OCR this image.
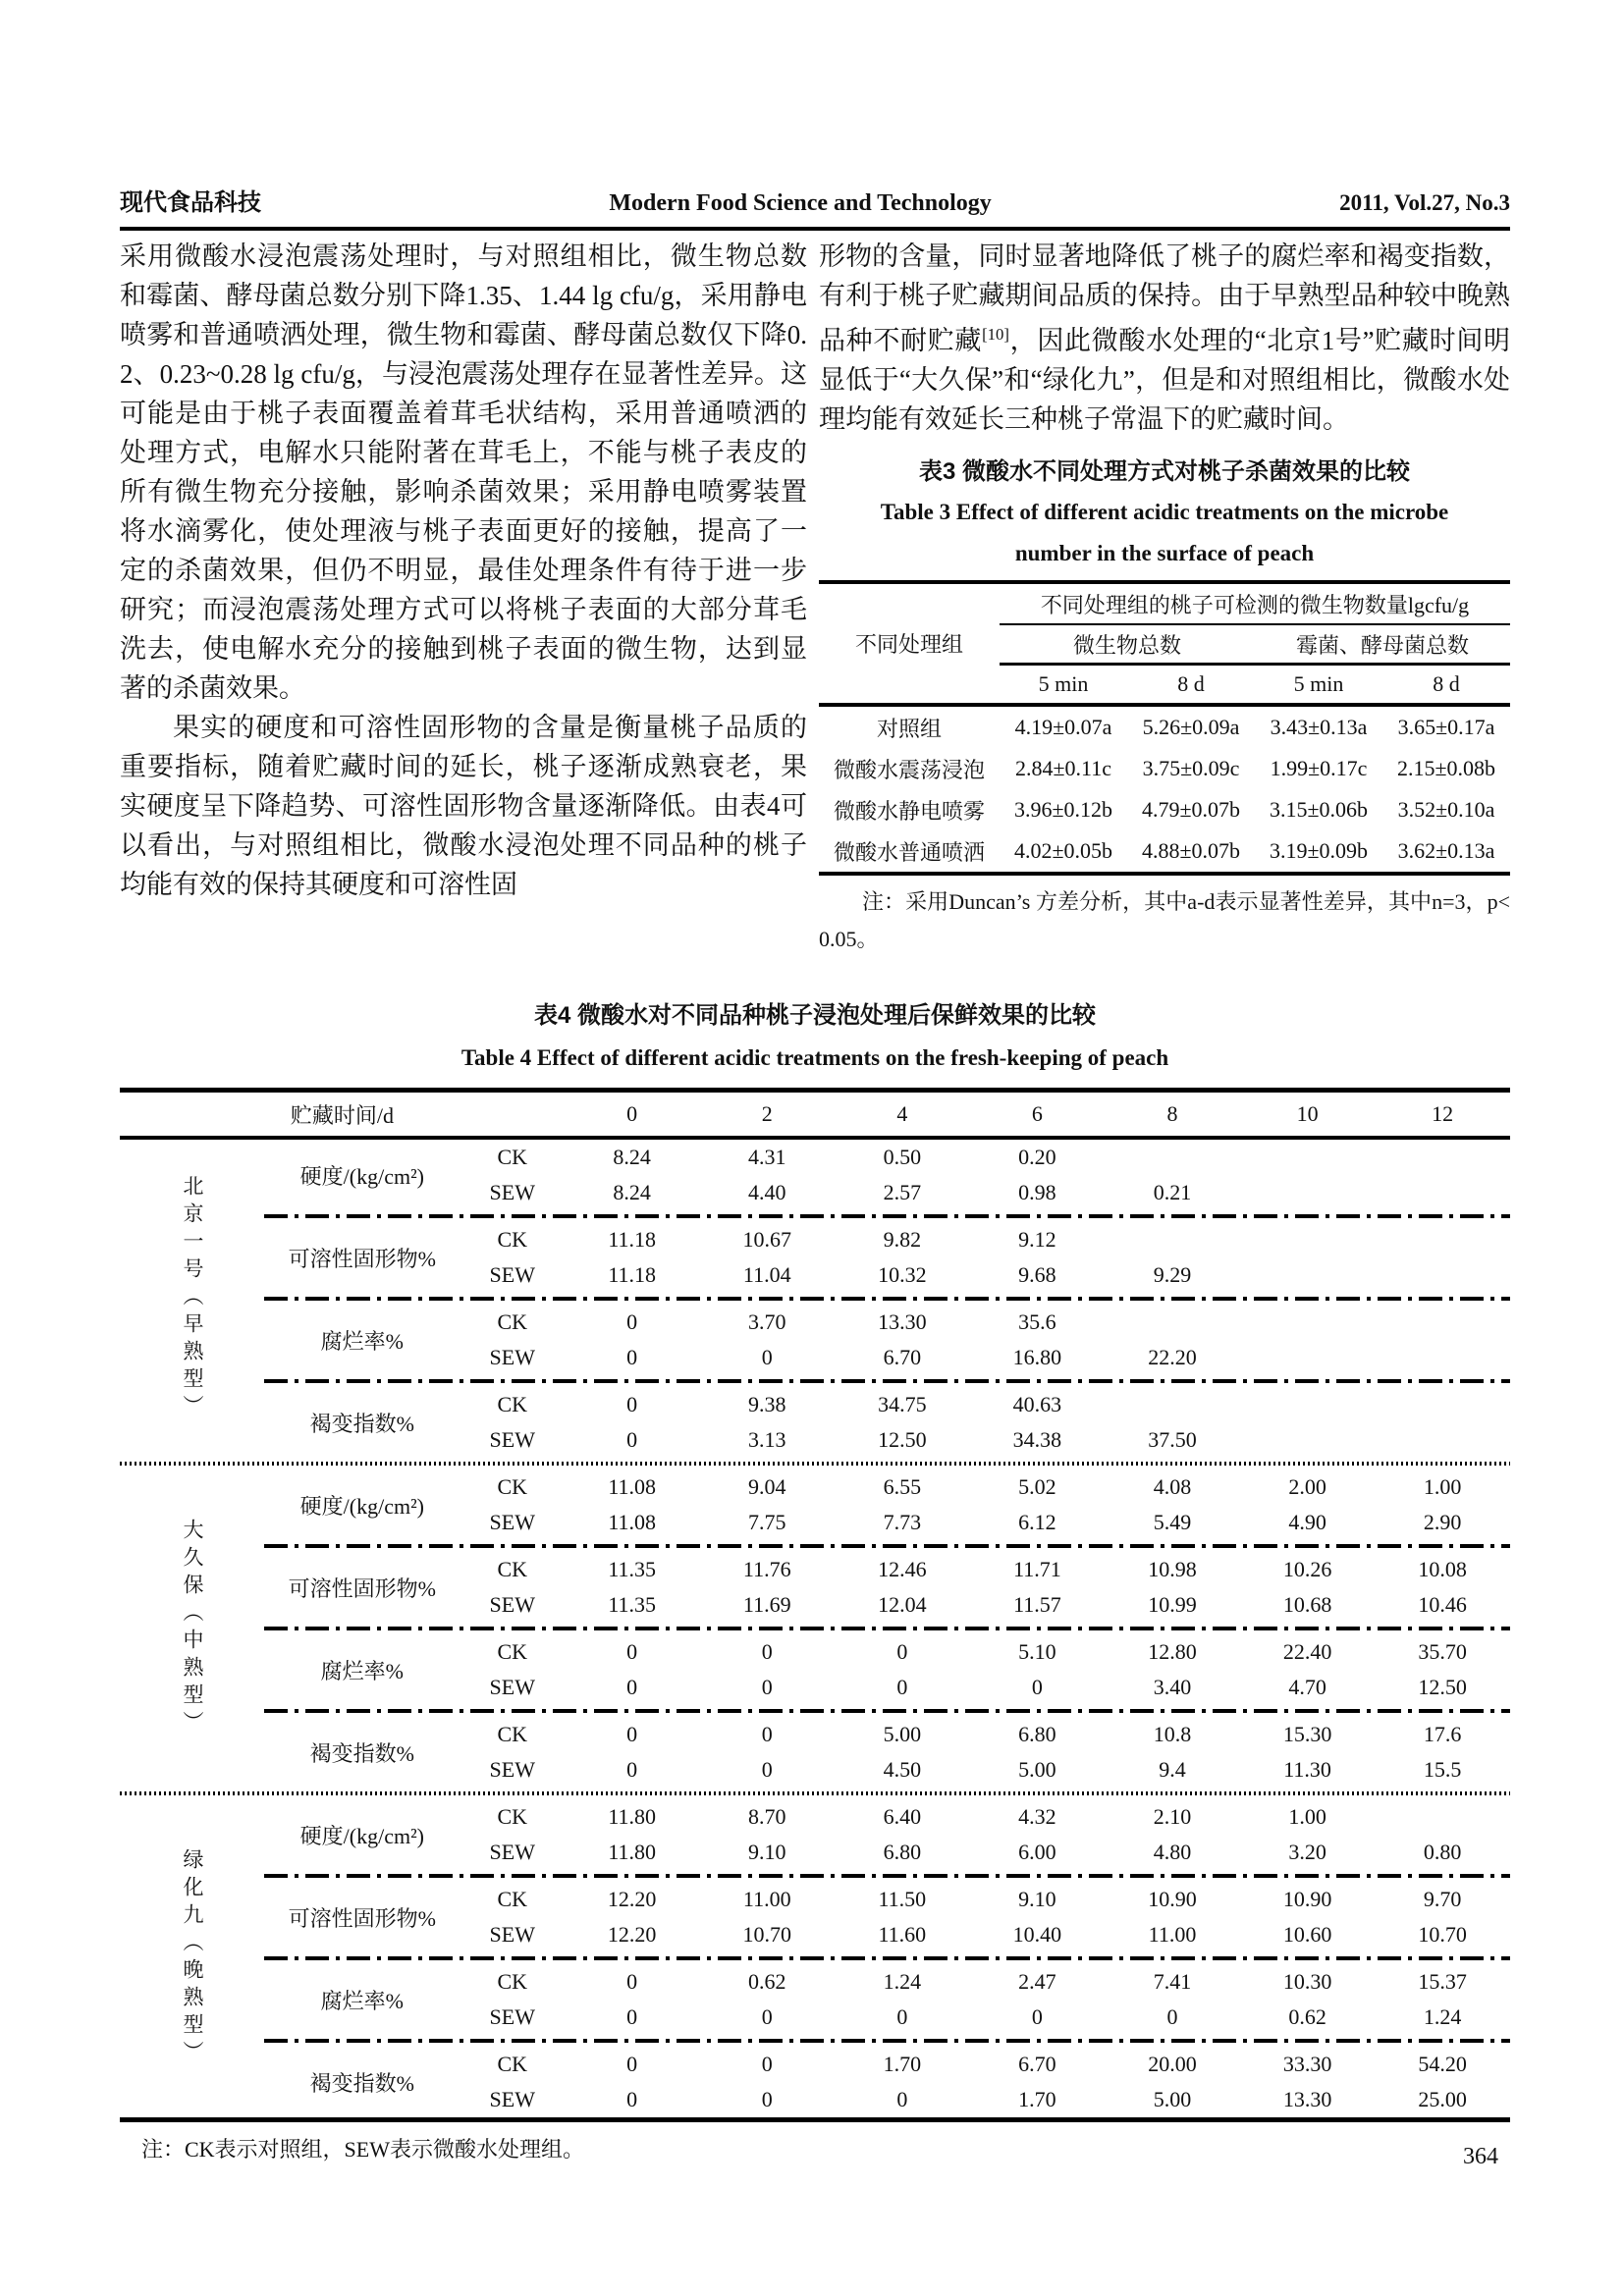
现代食品科技	Modern Food Science and Technology	2011, Vol.27, No.3

采用微酸水浸泡震荡处理时，与对照组相比，微生物总数和霉菌、酵母菌总数分别下降1.35、1.44 lg cfu/g，采用静电喷雾和普通喷洒处理，微生物和霉菌、酵母菌总数仅下降0.2、0.23~0.28 lg cfu/g，与浸泡震荡处理存在显著性差异。这可能是由于桃子表面覆盖着茸毛状结构，采用普通喷洒的处理方式，电解水只能附著在茸毛上，不能与桃子表皮的所有微生物充分接触，影响杀菌效果；采用静电喷雾装置将水滴雾化，使处理液与桃子表面更好的接触，提高了一定的杀菌效果，但仍不明显，最佳处理条件有待于进一步研究；而浸泡震荡处理方式可以将桃子表面的大部分茸毛洗去，使电解水充分的接触到桃子表面的微生物，达到显著的杀菌效果。

果实的硬度和可溶性固形物的含量是衡量桃子品质的重要指标，随着贮藏时间的延长，桃子逐渐成熟衰老，果实硬度呈下降趋势、可溶性固形物含量逐渐降低。由表4可以看出，与对照组相比，微酸水浸泡处理不同品种的桃子均能有效的保持其硬度和可溶性固

形物的含量，同时显著地降低了桃子的腐烂率和褐变指数，有利于桃子贮藏期间品质的保持。由于早熟型品种较中晚熟品种不耐贮藏[10]，因此微酸水处理的“北京1号”贮藏时间明显低于“大久保”和“绿化九”，但是和对照组相比，微酸水处理均能有效延长三种桃子常温下的贮藏时间。

表3 微酸水不同处理方式对桃子杀菌效果的比较
Table 3 Effect of different acidic treatments on the microbe
number in the surface of peach
不同处理组	不同处理组的桃子可检测的微生物数量lgcfu/g			
	微生物总数		霉菌、酵母菌总数	
	5 min	8 d	5 min	8 d
对照组	4.19±0.07a	5.26±0.09a	3.43±0.13a	3.65±0.17a
微酸水震荡浸泡	2.84±0.11c	3.75±0.09c	1.99±0.17c	2.15±0.08b
微酸水静电喷雾	3.96±0.12b	4.79±0.07b	3.15±0.06b	3.52±0.10a
微酸水普通喷洒	4.02±0.05b	4.88±0.07b	3.19±0.09b	3.62±0.13a

注：采用Duncan’s 方差分析，其中a-d表示显著性差异，其中n=3，p<0.05。

表4 微酸水对不同品种桃子浸泡处理后保鲜效果的比较
Table 4 Effect of different acidic treatments on the fresh-keeping of peach
贮藏时间/d			0	2	4	6	8	10	12
北京一号（早熟型）	硬度/(kg/cm²)	CK	8.24	4.31	0.50	0.20			
		SEW	8.24	4.40	2.57	0.98	0.21		

	可溶性固形物%	CK	11.18	10.67	9.82	9.12			
		SEW	11.18	11.04	10.32	9.68	9.29		

	腐烂率%	CK	0	3.70	13.30	35.6			
		SEW	0	0	6.70	16.80	22.20		

	褐变指数%	CK	0	9.38	34.75	40.63			
		SEW	0	3.13	12.50	34.38	37.50		

大久保（中熟型）	硬度/(kg/cm²)	CK	11.08	9.04	6.55	5.02	4.08	2.00	1.00
		SEW	11.08	7.75	7.73	6.12	5.49	4.90	2.90

	可溶性固形物%	CK	11.35	11.76	12.46	11.71	10.98	10.26	10.08
		SEW	11.35	11.69	12.04	11.57	10.99	10.68	10.46

	腐烂率%	CK	0	0	0	5.10	12.80	22.40	35.70
		SEW	0	0	0	0	3.40	4.70	12.50

	褐变指数%	CK	0	0	5.00	6.80	10.8	15.30	17.6
		SEW	0	0	4.50	5.00	9.4	11.30	15.5

绿化九（晚熟型）	硬度/(kg/cm²)	CK	11.80	8.70	6.40	4.32	2.10	1.00	
		SEW	11.80	9.10	6.80	6.00	4.80	3.20	0.80

	可溶性固形物%	CK	12.20	11.00	11.50	9.10	10.90	10.90	9.70
		SEW	12.20	10.70	11.60	10.40	11.00	10.60	10.70

	腐烂率%	CK	0	0.62	1.24	2.47	7.41	10.30	15.37
		SEW	0	0	0	0	0	0.62	1.24

	褐变指数%	CK	0	0	1.70	6.70	20.00	33.30	54.20
		SEW	0	0	0	1.70	5.00	13.30	25.00

注：CK表示对照组，SEW表示微酸水处理组。	364
